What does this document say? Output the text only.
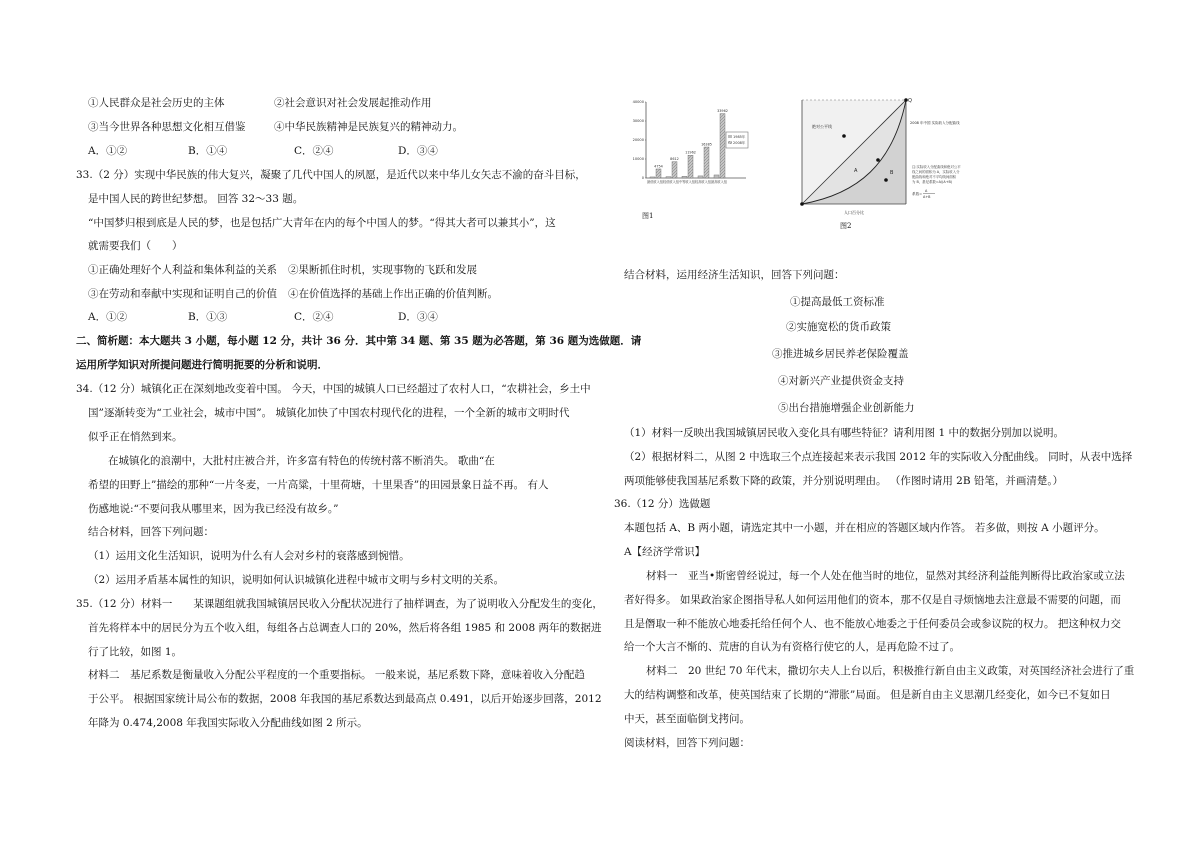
①人民群众是社会历史的主体	②社会意识对社会发展起推动作用
③当今世界各种思想文化相互借鉴	④中华民族精神是民族复兴的精神动力。
A．①②	B．①④	C．②④	D．③④
33.（2 分）实现中华民族的伟大复兴，凝聚了几代中国人的夙愿，是近代以来中华儿女矢志不渝的奋斗目标，
是中国人民的跨世纪梦想。 回答 32～33 题。
“中国梦归根到底是人民的梦，也是包括广大青年在内的每个中国人的梦。“得其大者可以兼其小”，这
就需要我们（　　）
①正确处理好个人利益和集体利益的关系 ②果断抓住时机，实现事物的飞跃和发展
③在劳动和奉献中实现和证明自己的价值 ④在价值选择的基础上作出正确的价值判断。
A．①②	B．①③	C．②④	D．③④
二、简析题：本大题共 3 小题，每小题 12 分，共计 36 分．其中第 34 题、第 35 题为必答题，第 36 题为选做题．请
运用所学知识对所提问题进行简明扼要的分析和说明．
34.（12 分）城镇化正在深刻地改变着中国。 今天，中国的城镇人口已经超过了农村人口，“农耕社会，乡土中
国”逐渐转变为“工业社会，城市中国”。 城镇化加快了中国农村现代化的进程，一个全新的城市文明时代
似乎正在悄然到来。
在城镇化的浪潮中，大批村庄被合并，许多富有特色的传统村落不断消失。 歌曲“在
希望的田野上”描绘的那种“一片冬麦，一片高粱，十里荷塘，十里果香”的田园景象日益不再。 有人
伤感地说:“不要问我从哪里来，因为我已经没有故乡。”
结合材料，回答下列问题：
（1）运用文化生活知识，说明为什么有人会对乡村的衰落感到惋惜。
（2）运用矛盾基本属性的知识，说明如何认识城镇化进程中城市文明与乡村文明的关系。
35.（12 分）材料一　　某课题组就我国城镇居民收入分配状况进行了抽样调查，为了说明收入分配发生的变化，
首先将样本中的居民分为五个收入组，每组各占总调查人口的 20%，然后将各组 1985 和 2008 两年的数据进
行了比较，如图 1。
材料二　基尼系数是衡量收入分配公平程度的一个重要指标。 一般来说，基尼系数下降，意味着收入分配趋
于公平。 根据国家统计局公布的数据，2008 年我国的基尼系数达到最高点 0.491，以后开始逐步回落，2012
年降为 0.474,2008 年我国实际收入分配曲线如图 2 所示。
40000
30000
20000
10000
0
4754
最低收入组
8612
较低收入组
11962
中等收入组
16385
较高收入组
33962
最高收入组
1985年
2008年
图1
Q
A	B
绝对公平线
2008 年中国 实际收入分配曲线
人口百分比
注:实际收入分配曲线和绝对公平
线之间的面积为 A，实际收入分
配曲线和绝对不平均线间面积
为 B，基尼系数=A/(A+B)
系数=
A
A+B
图2
结合材料，运用经济生活知识，回答下列问题：
①提高最低工资标准
②实施宽松的货币政策
③推进城乡居民养老保险覆盖
④对新兴产业提供资金支持
⑤出台措施增强企业创新能力
（1）材料一反映出我国城镇居民收入变化具有哪些特征？请利用图 1 中的数据分别加以说明。
（2）根据材料二，从图 2 中选取三个点连接起来表示我国 2012 年的实际收入分配曲线。 同时，从表中选择
两项能够使我国基尼系数下降的政策，并分别说明理由。 （作图时请用 2B 铅笔，并画清楚。）
36.（12 分）选做题
本题包括 A、B 两小题，请选定其中一小题，并在相应的答题区域内作答。 若多做，则按 A 小题评分。
A【经济学常识】
材料一　亚当•斯密曾经说过，每一个人处在他当时的地位，显然对其经济利益能判断得比政治家或立法
者好得多。 如果政治家企图指导私人如何运用他们的资本，那不仅是自寻烦恼地去注意最不需要的问题，而
且是僭取一种不能放心地委托给任何个人、也不能放心地委之于任何委员会或参议院的权力。 把这种权力交
给一个大言不惭的、荒唐的自认为有资格行使它的人，是再危险不过了。
材料二　20 世纪 70 年代末，撒切尔夫人上台以后，积极推行新自由主义政策，对英国经济社会进行了重
大的结构调整和改革，使英国结束了长期的“滞胀”局面。 但是新自由主义思潮几经变化，如今已不复如日
中天，甚至面临倒戈拷问。
阅读材料，回答下列问题：
